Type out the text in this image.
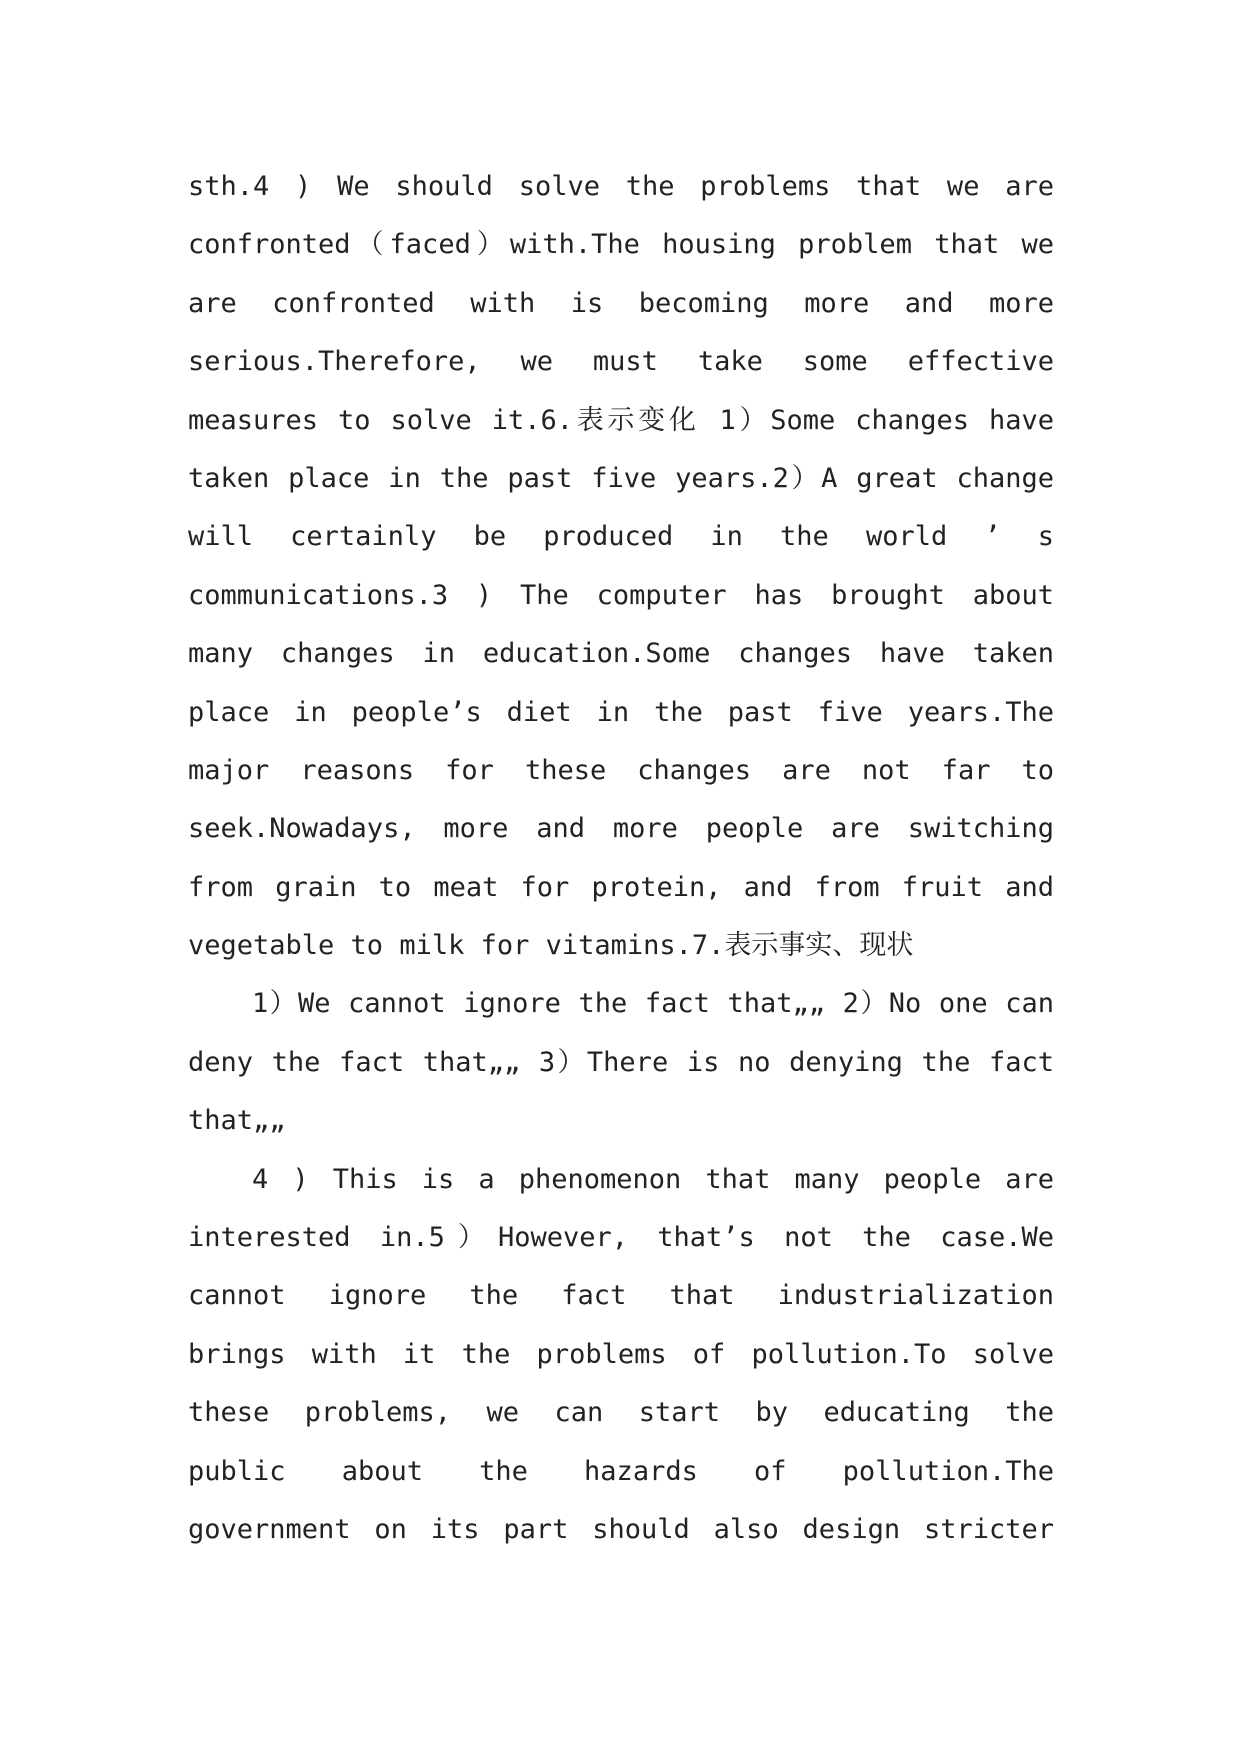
sth.4 ) We should solve the problems that we are
confronted（faced）with.The housing problem that we
are confronted with is becoming more and more
serious.Therefore, we must take some effective
measures to solve it.6.表示变化 1）Some changes have
taken place in the past five years.2）A great change
will certainly be produced in the world ’ s
communications.3 ) The computer has brought about
many changes in education.Some changes have taken
place in people’s diet in the past five years.The
major reasons for these changes are not far to
seek.Nowadays, more and more people are switching
from grain to meat for protein, and from fruit and
vegetable to milk for vitamins.7.表示事实、现状
1）We cannot ignore the fact that„„ 2）No one can
deny the fact that„„ 3）There is no denying the fact
that„„
4 ) This is a phenomenon that many people are
interested in.5）However, that’s not the case.We
cannot ignore the fact that industrialization
brings with it the problems of pollution.To solve
these problems, we can start by educating the
public about the hazards of pollution.The
government on its part should also design stricter
